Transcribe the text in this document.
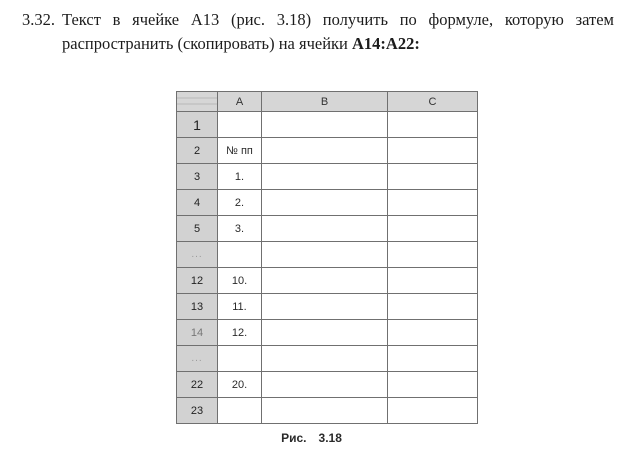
3.32. Текст в ячейке А13 (рис. 3.18) получить по формуле, которую затем
распространить (скопировать) на ячейки A14:A22:
	A	B	C
1			
2	№ пп		
3	1.		
4	2.		
5	3.		
...			
12	10.		
13	11.		
14	12.		
...			
22	20.		
23			
Рис. 3.18
